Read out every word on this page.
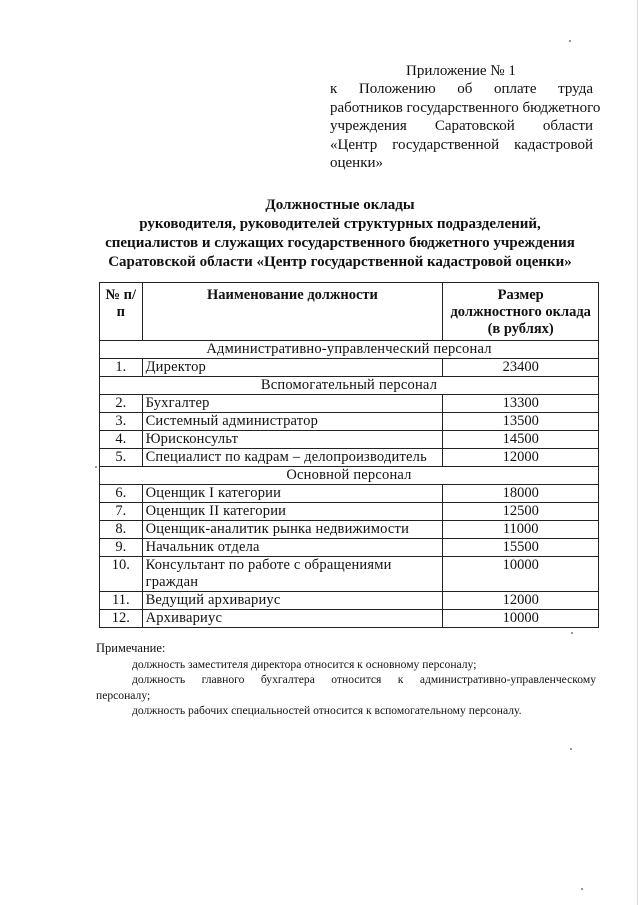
Приложение № 1
к Положению об оплате труда
работников государственного бюджетного
учреждения Саратовской области
«Центр государственной кадастровой
оценки»
Должностные оклады
руководителя, руководителей структурных подразделений,
специалистов и служащих государственного бюджетного учреждения
Саратовской области «Центр государственной кадастровой оценки»
№ п/п	Наименование должности	Размер
должностного оклада
(в рублях)

Административно-управленческий персонал		
1.	Директор	23400
Вспомогательный персонал		
2.	Бухгалтер	13300
3.	Системный администратор	13500
4.	Юрисконсульт	14500
5.	Специалист по кадрам – делопроизводитель	12000
Основной персонал		
6.	Оценщик I категории	18000
7.	Оценщик II категории	12500
8.	Оценщик-аналитик рынка недвижимости	11000
9.	Начальник отдела	15500
10.	Консультант по работе с обращениями граждан	10000
11.	Ведущий архивариус	12000
12.	Архивариус	10000
Примечание:
должность заместителя директора относится к основному персоналу;
должность главного бухгалтера относится к административно-управленческому
персоналу;
должность рабочих специальностей относится к вспомогательному персоналу.
